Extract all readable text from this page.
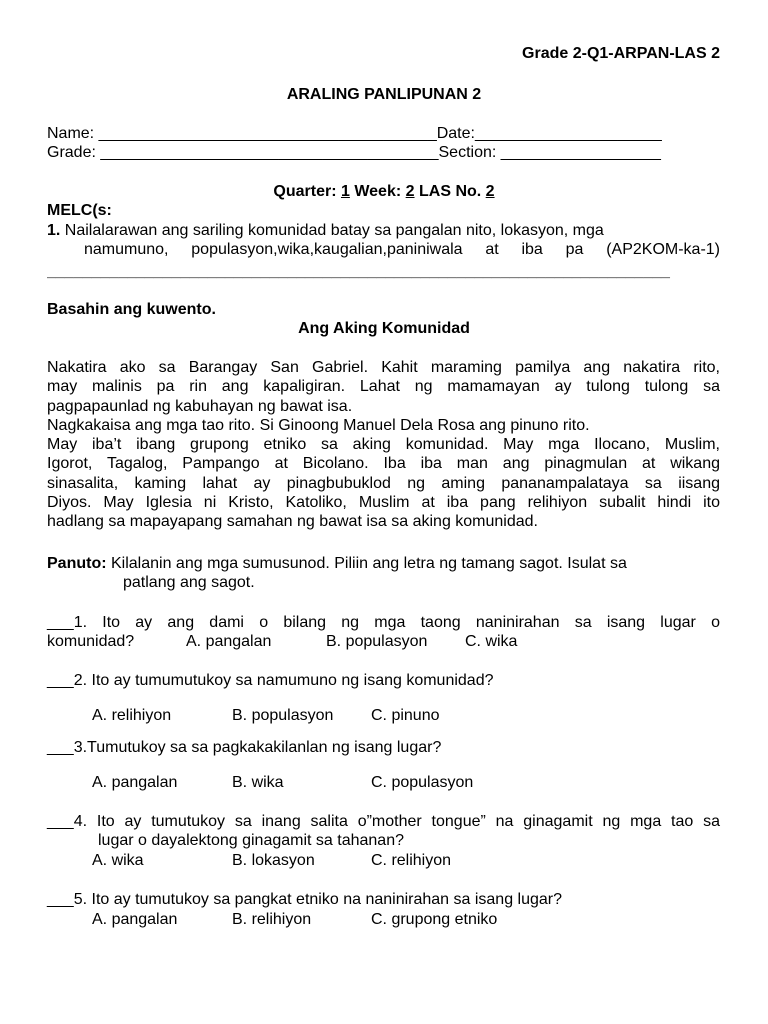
Grade 2-Q1-ARPAN-LAS 2
ARALING PANLIPUNAN 2
Name: ______________________________________Date:_____________________
Grade: ______________________________________Section: __________________
Quarter: 1 Week: 2 LAS No. 2
MELC(s:
1. Nailalarawan ang sariling komunidad batay sa pangalan nito, lokasyon, mga
namumuno, populasyon,wika,kaugalian,paniniwala at iba pa (AP2KOM-ka-1)
______________________________________________________________________
Basahin ang kuwento.
Ang Aking Komunidad
Nakatira ako sa Barangay San Gabriel. Kahit maraming pamilya ang nakatira rito,
may malinis pa rin ang kapaligiran. Lahat ng mamamayan ay tulong tulong sa
pagpapaunlad ng kabuhayan ng bawat isa.
Nagkakaisa ang mga tao rito. Si Ginoong Manuel Dela Rosa ang pinuno rito.
May iba’t ibang grupong etniko sa aking komunidad. May mga Ilocano, Muslim,
Igorot, Tagalog, Pampango at Bicolano. Iba iba man ang pinagmulan at wikang
sinasalita, kaming lahat ay pinagbubuklod ng aming pananampalataya sa iisang
Diyos. May Iglesia ni Kristo, Katoliko, Muslim at iba pang relihiyon subalit hindi ito
hadlang sa mapayapang samahan ng bawat isa sa aking komunidad.
Panuto: Kilalanin ang mga sumusunod. Piliin ang letra ng tamang sagot. Isulat sa
patlang ang sagot.
___1. Ito ay ang dami o bilang ng mga taong naninirahan sa isang lugar o
komunidad?	A. pangalan	B. populasyon C. wika
___2. Ito ay tumumutukoy sa namumuno ng isang komunidad?
A. relihiyon	B. populasyon C. pinuno
___3.Tumutukoy sa sa pagkakakilanlan ng isang lugar?
A. pangalan	B. wika	C. populasyon
___4. Ito ay tumutukoy sa inang salita o”mother tongue” na ginagamit ng mga tao sa
lugar o dayalektong ginagamit sa tahanan?
A. wika	B. lokasyon	C. relihiyon
___5. Ito ay tumutukoy sa pangkat etniko na naninirahan sa isang lugar?
A. pangalan	B. relihiyon	C. grupong etniko
